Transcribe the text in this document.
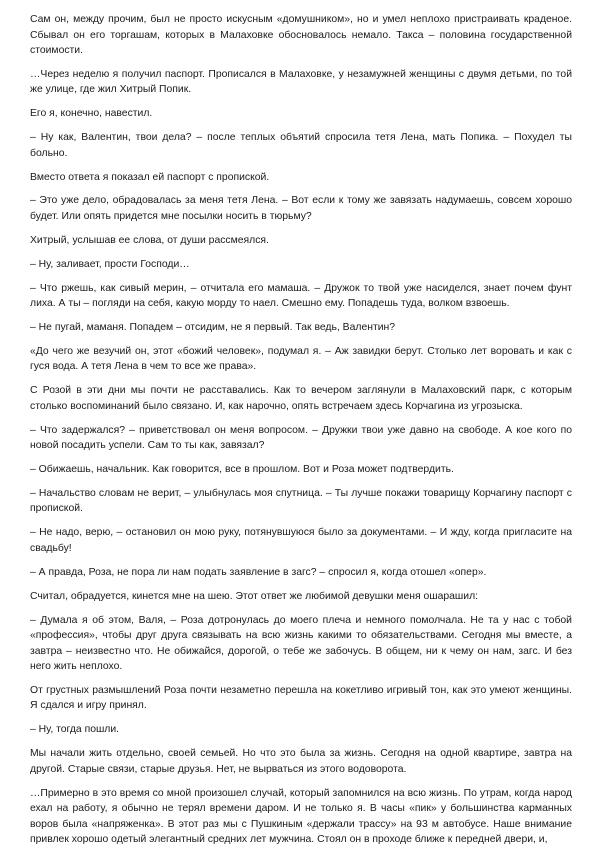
Сам он, между прочим, был не просто искусным «домушником», но и умел неплохо пристраивать краденое. Сбывал он его торгашам, которых в Малаховке обосновалось немало. Такса – половина государственной стоимости.

…Через неделю я получил паспорт. Прописался в Малаховке, у незамужней женщины с двумя детьми, по той же улице, где жил Хитрый Попик.

Его я, конечно, навестил.

– Ну как, Валентин, твои дела? – после теплых объятий спросила тетя Лена, мать Попика. – Похудел ты больно.

Вместо ответа я показал ей паспорт с пропиской.

– Это уже дело, обрадовалась за меня тетя Лена. – Вот если к тому же завязать надумаешь, совсем хорошо будет. Или опять придется мне посылки носить в тюрьму?

Хитрый, услышав ее слова, от души рассмеялся.

– Ну, заливает, прости Господи…

– Что ржешь, как сивый мерин, – отчитала его мамаша. – Дружок то твой уже насиделся, знает почем фунт лиха. А ты – погляди на себя, какую морду то наел. Смешно ему. Попадешь туда, волком взвоешь.

– Не пугай, маманя. Попадем – отсидим, не я первый. Так ведь, Валентин?

«До чего же везучий он, этот «божий человек», подумал я. – Аж завидки берут. Столько лет воровать и как с гуся вода. А тетя Лена в чем то все же права».

С Розой в эти дни мы почти не расставались. Как то вечером заглянули в Малаховский парк, с которым столько воспоминаний было связано. И, как нарочно, опять встречаем здесь Корчагина из угрозыска.

– Что задержался? – приветствовал он меня вопросом. – Дружки твои уже давно на свободе. А кое кого по новой посадить успели. Сам то ты как, завязал?

– Обижаешь, начальник. Как говорится, все в прошлом. Вот и Роза может подтвердить.

– Начальство словам не верит, – улыбнулась моя спутница. – Ты лучше покажи товарищу Корчагину паспорт с пропиской.

– Не надо, верю, – остановил он мою руку, потянувшуюся было за документами. – И жду, когда пригласите на свадьбу!

– А правда, Роза, не пора ли нам подать заявление в загс? – спросил я, когда отошел «опер».

Считал, обрадуется, кинется мне на шею. Этот ответ же любимой девушки меня ошарашил:

– Думала я об этом, Валя, – Роза дотронулась до моего плеча и немного помолчала. Не та у нас с тобой «профессия», чтобы друг друга связывать на всю жизнь какими то обязательствами. Сегодня мы вместе, а завтра – неизвестно что. Не обижайся, дорогой, о тебе же забочусь. В общем, ни к чему он нам, загс. И без него жить неплохо.

От грустных размышлений Роза почти незаметно перешла на кокетливо игривый тон, как это умеют женщины. Я сдался и игру принял.

– Ну, тогда пошли.

Мы начали жить отдельно, своей семьей. Но что это была за жизнь. Сегодня на одной квартире, завтра на другой. Старые связи, старые друзья. Нет, не вырваться из этого водоворота.

…Примерно в это время со мной произошел случай, который запомнился на всю жизнь. По утрам, когда народ ехал на работу, я обычно не терял времени даром. И не только я. В часы «пик» у большинства карманных воров была «напряженка». В этот раз мы с Пушкиным «держали трассу» на 93 м автобусе. Наше внимание привлек хорошо одетый элегантный средних лет мужчина. Стоял он в проходе ближе к передней двери, и,
